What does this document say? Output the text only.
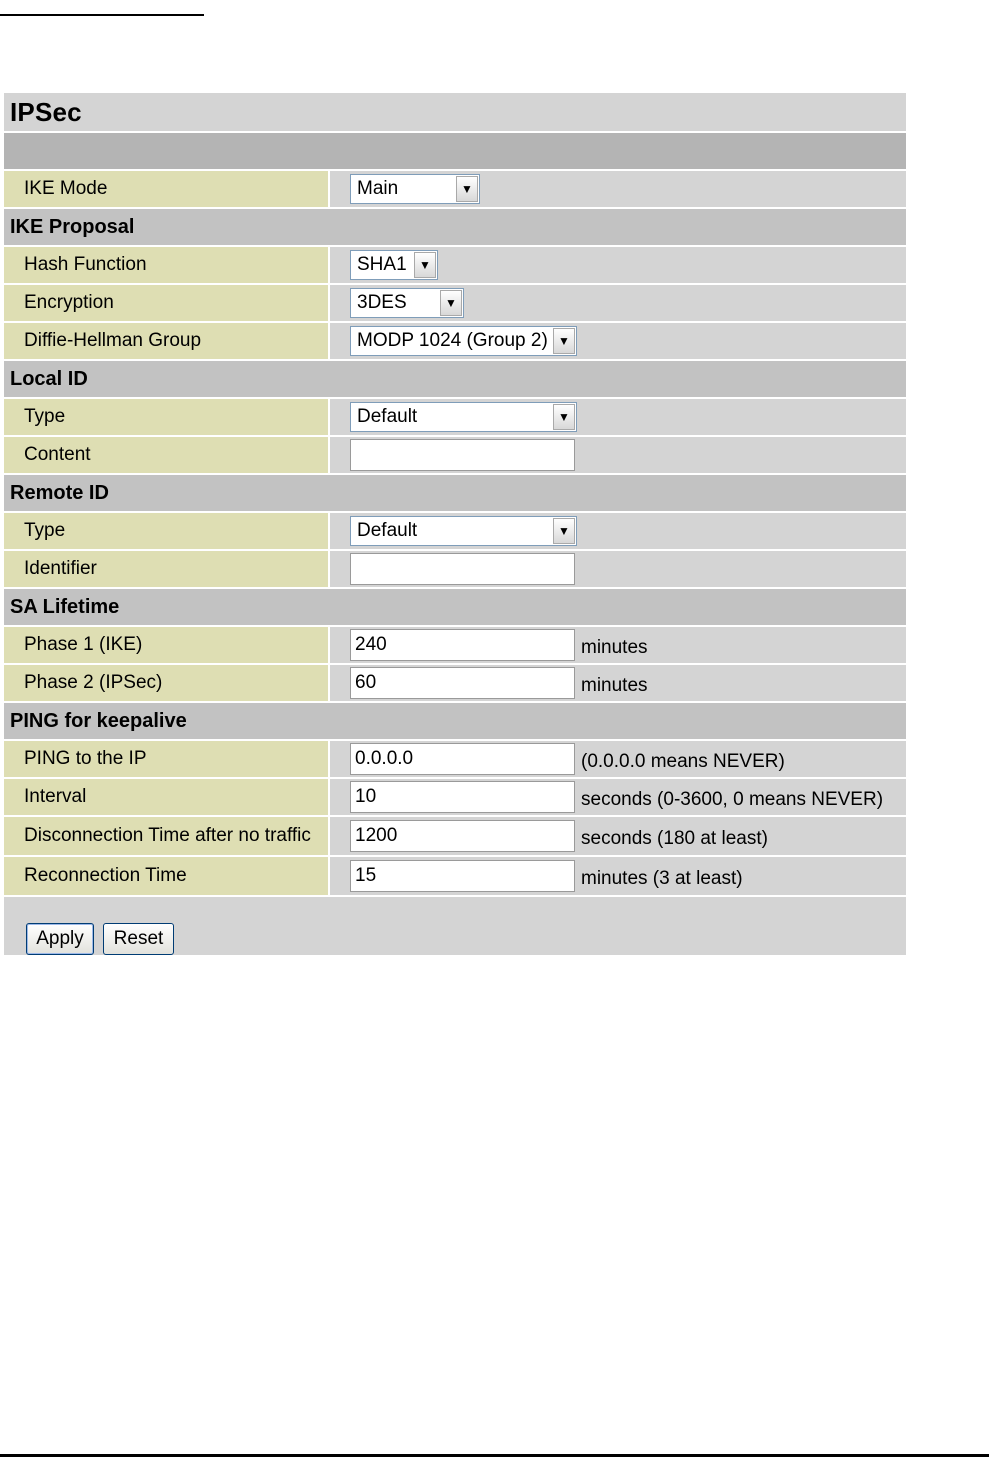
IPSec
IKE Mode	Main	▼
IKE Proposal
Hash Function	SHA1	▼
Encryption	3DES	▼
Diffie-Hellman Group	MODP 1024 (Group 2) ▼
Local ID
Type	Default	▼
Content
Remote ID
Type	Default	▼
Identifier
SA Lifetime
Phase 1 (IKE)	240	minutes
Phase 2 (IPSec)	60	minutes
PING for keepalive
PING to the IP	0.0.0.0	(0.0.0.0 means NEVER)
Interval	10	seconds (0-3600, 0 means NEVER)
Disconnection Time after no traffic	1200	seconds (180 at least)
Reconnection Time	15	minutes (3 at least)
Apply	Reset
